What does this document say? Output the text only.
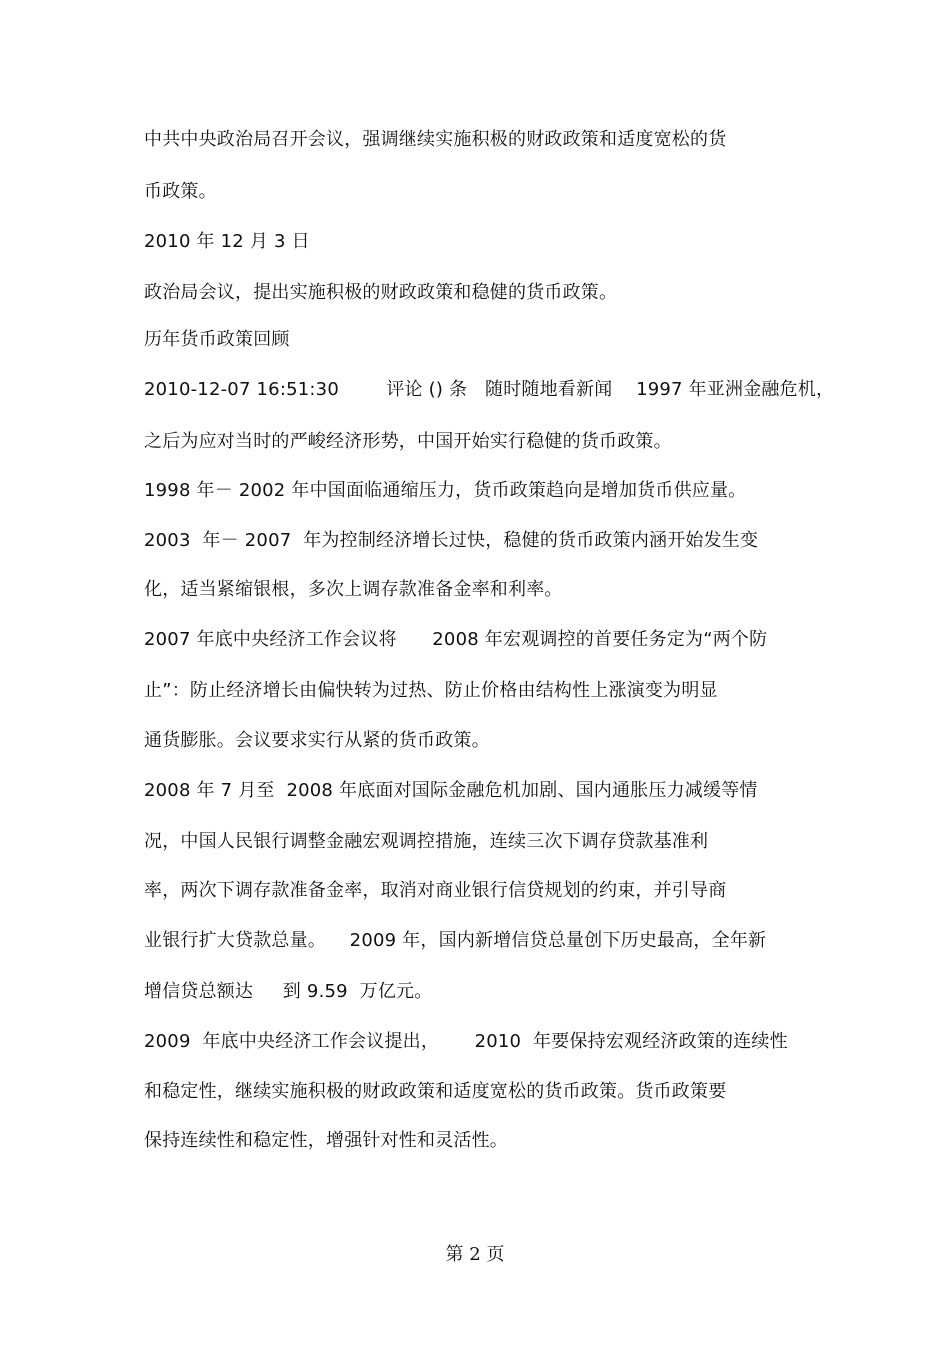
中共中央政治局召开会议，强调继续实施积极的财政政策和适度宽松的货
币政策。
2010 年 12 月 3 日
政治局会议，提出实施积极的财政政策和稳健的货币政策。
历年货币政策回顾
2010-12-07 16:51:30        评论 () 条   随时随地看新闻    1997 年亚洲金融危机，
之后为应对当时的严峻经济形势，中国开始实行稳健的货币政策。
1998 年－ 2002 年中国面临通缩压力，货币政策趋向是增加货币供应量。
2003  年－ 2007  年为控制经济增长过快，稳健的货币政策内涵开始发生变
化，适当紧缩银根，多次上调存款准备金率和利率。
2007 年底中央经济工作会议将      2008 年宏观调控的首要任务定为“两个防
止”：防止经济增长由偏快转为过热、防止价格由结构性上涨演变为明显
通货膨胀。会议要求实行从紧的货币政策。
2008 年 7 月至  2008 年底面对国际金融危机加剧、国内通胀压力减缓等情
况，中国人民银行调整金融宏观调控措施，连续三次下调存贷款基准利
率，两次下调存款准备金率，取消对商业银行信贷规划的约束，并引导商
业银行扩大贷款总量。    2009 年，国内新增信贷总量创下历史最高，全年新
增信贷总额达     到 9.59  万亿元。
2009  年底中央经济工作会议提出，      2010  年要保持宏观经济政策的连续性
和稳定性，继续实施积极的财政政策和适度宽松的货币政策。货币政策要
保持连续性和稳定性，增强针对性和灵活性。
第 2 页
